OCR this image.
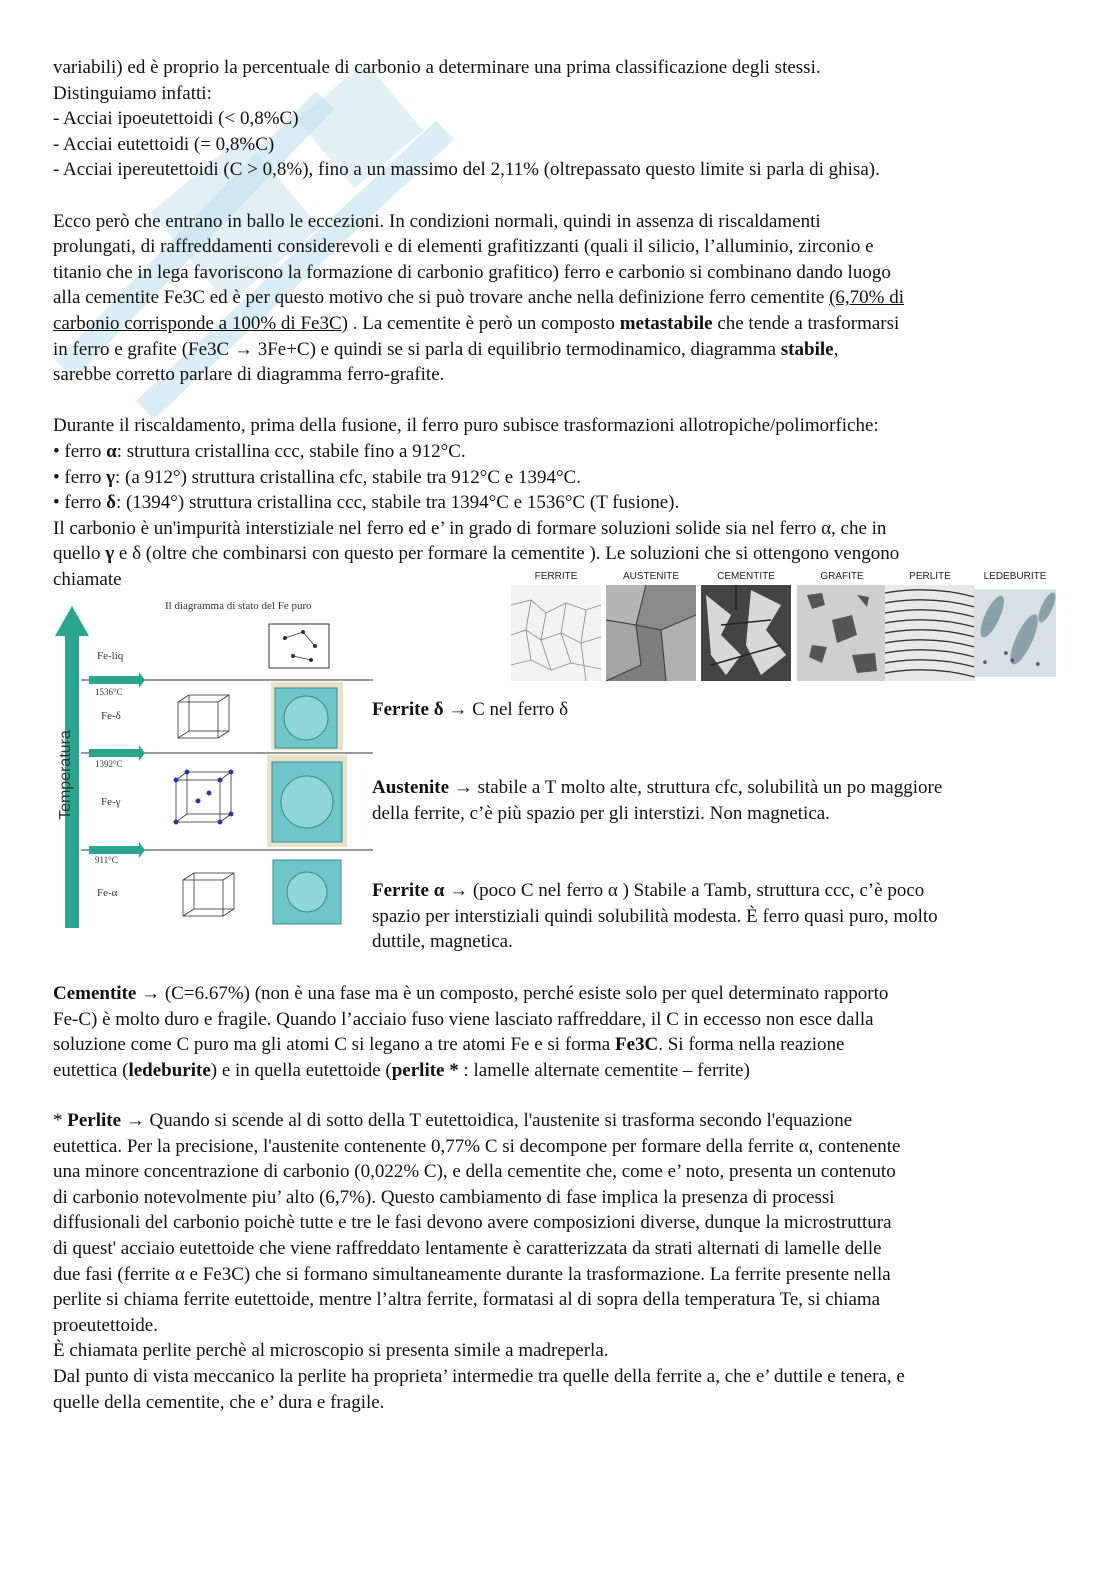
variabili) ed è proprio la percentuale di carbonio a determinare una prima classificazione degli stessi.
Distinguiamo infatti:
- Acciai ipoeutettoidi (< 0,8%C)
- Acciai eutettoidi (= 0,8%C)
- Acciai ipereutettoidi (C > 0,8%), fino a un massimo del 2,11% (oltrepassato questo limite si parla di ghisa).
Ecco però che entrano in ballo le eccezioni. In condizioni normali, quindi in assenza di riscaldamenti
prolungati, di raffreddamenti considerevoli e di elementi grafitizzanti (quali il silicio, l’alluminio, zirconio e
titanio che in lega favoriscono la formazione di carbonio grafitico) ferro e carbonio si combinano dando luogo
alla cementite Fe3C ed è per questo motivo che si può trovare anche nella definizione ferro cementite (6,70% di
carbonio corrisponde a 100% di Fe3C) . La cementite è però un composto metastabile che tende a trasformarsi
in ferro e grafite (Fe3C → 3Fe+C) e quindi se si parla di equilibrio termodinamico, diagramma stabile,
sarebbe corretto parlare di diagramma ferro-grafite.
Durante il riscaldamento, prima della fusione, il ferro puro subisce trasformazioni allotropiche/polimorfiche:
• ferro α: struttura cristallina ccc, stabile fino a 912°C.
• ferro γ: (a 912°) struttura cristallina cfc, stabile tra 912°C e 1394°C.
• ferro δ: (1394°) struttura cristallina ccc, stabile tra 1394°C e 1536°C (T fusione).
Il carbonio è un'impurità interstiziale nel ferro ed e’ in grado di formare soluzioni solide sia nel ferro α, che in
quello γ e δ (oltre che combinarsi con questo per formare la cementite ). Le soluzioni che si ottengono vengono
chiamate	FERRITE	AUSTENITE	CEMENTITE	GRAFITE	PERLITE	LEDEBURITE
Il diagramma di stato del Fe puro
Temperatura
Fe-liq
Fe-δ
Fe-γ
Fe-α
1536°C
1392°C
911°C
Ferrite δ → C nel ferro δ
Austenite → stabile a T molto alte, struttura cfc, solubilità un po maggiore
della ferrite, c’è più spazio per gli interstizi. Non magnetica.
Ferrite α → (poco C nel ferro α ) Stabile a Tamb, struttura ccc, c’è poco
spazio per interstiziali quindi solubilità modesta. È ferro quasi puro, molto
duttile, magnetica.
Cementite → (C=6.67%) (non è una fase ma è un composto, perché esiste solo per quel determinato rapporto
Fe-C) è molto duro e fragile. Quando l’acciaio fuso viene lasciato raffreddare, il C in eccesso non esce dalla
soluzione come C puro ma gli atomi C si legano a tre atomi Fe e si forma Fe3C. Si forma nella reazione
eutettica (ledeburite) e in quella eutettoide (perlite * : lamelle alternate cementite – ferrite)
* Perlite → Quando si scende al di sotto della T eutettoidica, l'austenite si trasforma secondo l'equazione
eutettica. Per la precisione, l'austenite contenente 0,77% C si decompone per formare della ferrite α, contenente
una minore concentrazione di carbonio (0,022% C), e della cementite che, come e’ noto, presenta un contenuto
di carbonio notevolmente piu’ alto (6,7%). Questo cambiamento di fase implica la presenza di processi
diffusionali del carbonio poichè tutte e tre le fasi devono avere composizioni diverse, dunque la microstruttura
di quest' acciaio eutettoide che viene raffreddato lentamente è caratterizzata da strati alternati di lamelle delle
due fasi (ferrite α e Fe3C) che si formano simultaneamente durante la trasformazione. La ferrite presente nella
perlite si chiama ferrite eutettoide, mentre l’altra ferrite, formatasi al di sopra della temperatura Te, si chiama
proeutettoide.
È chiamata perlite perchè al microscopio si presenta simile a madreperla.
Dal punto di vista meccanico la perlite ha proprieta’ intermedie tra quelle della ferrite a, che e’ duttile e tenera, e
quelle della cementite, che e’ dura e fragile.
